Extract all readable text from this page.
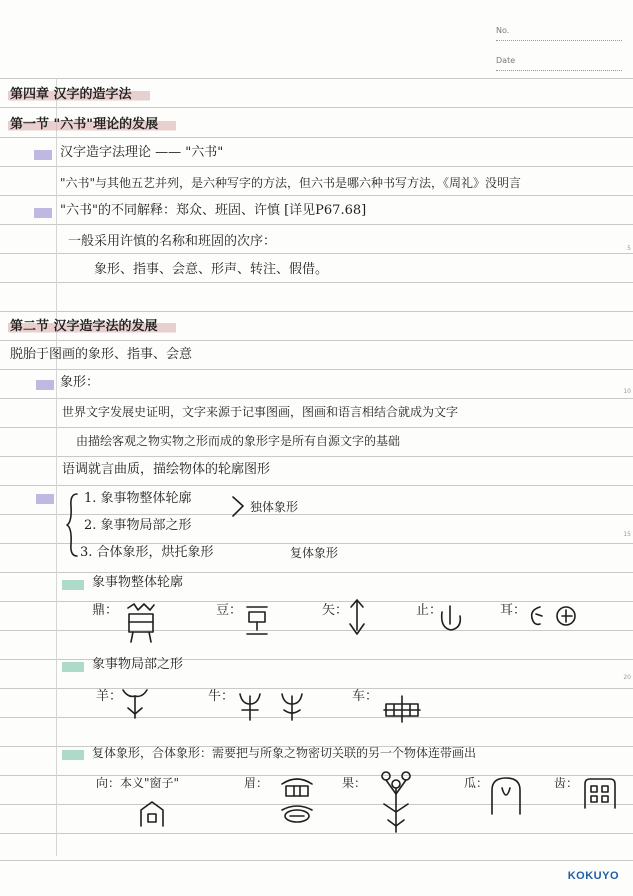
No.
Date
5
10
15
20
第四章 汉字的造字法
第一节 "六书"理论的发展
汉字造字法理论 —— "六书"
"六书"与其他五艺并列，是六种写字的方法，但六书是哪六种书写方法，《周礼》没明言
"六书"的不同解释：郑众、班固、许慎 [详见P67.68]
一般采用许慎的名称和班固的次序：
象形、指事、会意、形声、转注、假借。
第二节 汉字造字法的发展
脱胎于图画的象形、指事、会意
象形：
世界文字发展史证明，文字来源于记事图画，图画和语言相结合就成为文字
由描绘客观之物实物之形而成的象形字是所有自源文字的基础
语调就言曲质，描绘物体的轮廓图形
1. 象事物整体轮廓
2. 象事物局部之形
独体象形
3. 合体象形，烘托象形	复体象形
象事物整体轮廓
鼎：	豆：	矢：	止：	耳：
象事物局部之形
羊：	牛：	车：
复体象形，合体象形：需要把与所象之物密切关联的另一个物体连带画出
向：本义"窗子"	眉：	果：	瓜：	齿：
KOKUYO
